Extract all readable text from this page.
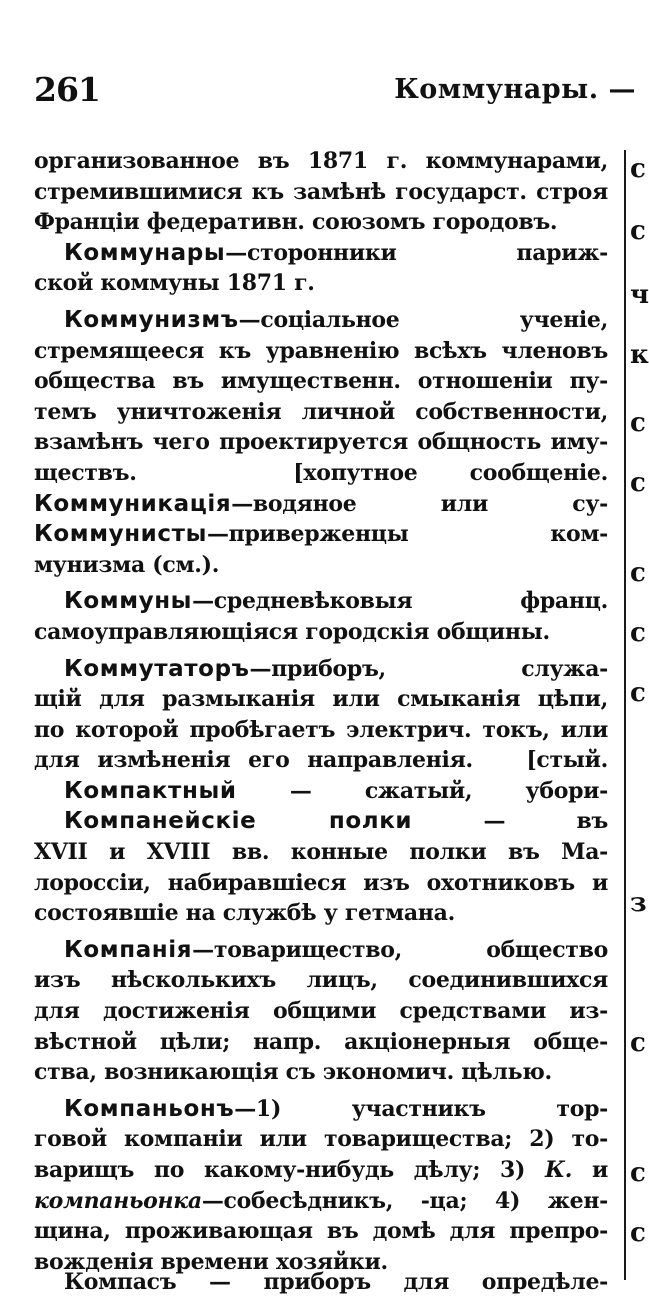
261	Коммунары. —
с
с
ч
к
с
с
с
с
с
з
с
с
с
организованное въ 1871 г. коммунарами,
стремившимися къ замѣнѣ государст. строя
Франціи федеративн. союзомъ городовъ.
Коммунары—сторонники париж-
ской коммуны 1871 г.
Коммунизмъ—соціальное ученіе,
стремящееся къ уравненію всѣхъ членовъ
общества въ имущественн. отношеніи пу-
темъ уничтоженія личной собственности,
взамѣнъ чего проектируется общность иму-
ществъ.   [хопутное сообщеніе.
Коммуникація—водяное или су-
Коммунисты—приверженцы ком-
мунизма (см.).
Коммуны—средневѣковыя франц.
самоуправляющіяся городскія общины.
Коммутаторъ—приборъ, служа-
щій для размыканія или смыканія цѣпи,
по которой пробѣгаетъ электрич. токъ, или
для измѣненія его направленія.   [стый.
Компактный — сжатый, убори-
Компанейскіе полки — въ
XVII и XVIII вв. конные полки въ Ма-
лороссіи, набиравшіеся изъ охотниковъ и
состоявшіе на службѣ у гетмана.
Компанія—товарищество, общество
изъ нѣсколькихъ лицъ, соединившихся
для достиженія общими средствами из-
вѣстной цѣли; напр. акціонерныя обще-
ства, возникающія съ экономич. цѣлью.
Компаньонъ—1) участникъ тор-
говой компаніи или товарищества; 2) то-
варищъ по какому-нибудь дѣлу; 3) К. и
компаньонка—собесѣдникъ, -ца; 4) жен-
щина, проживающая въ домѣ для препро-
вожденія времени хозяйки.
Компасъ — приборъ для опредѣле-
